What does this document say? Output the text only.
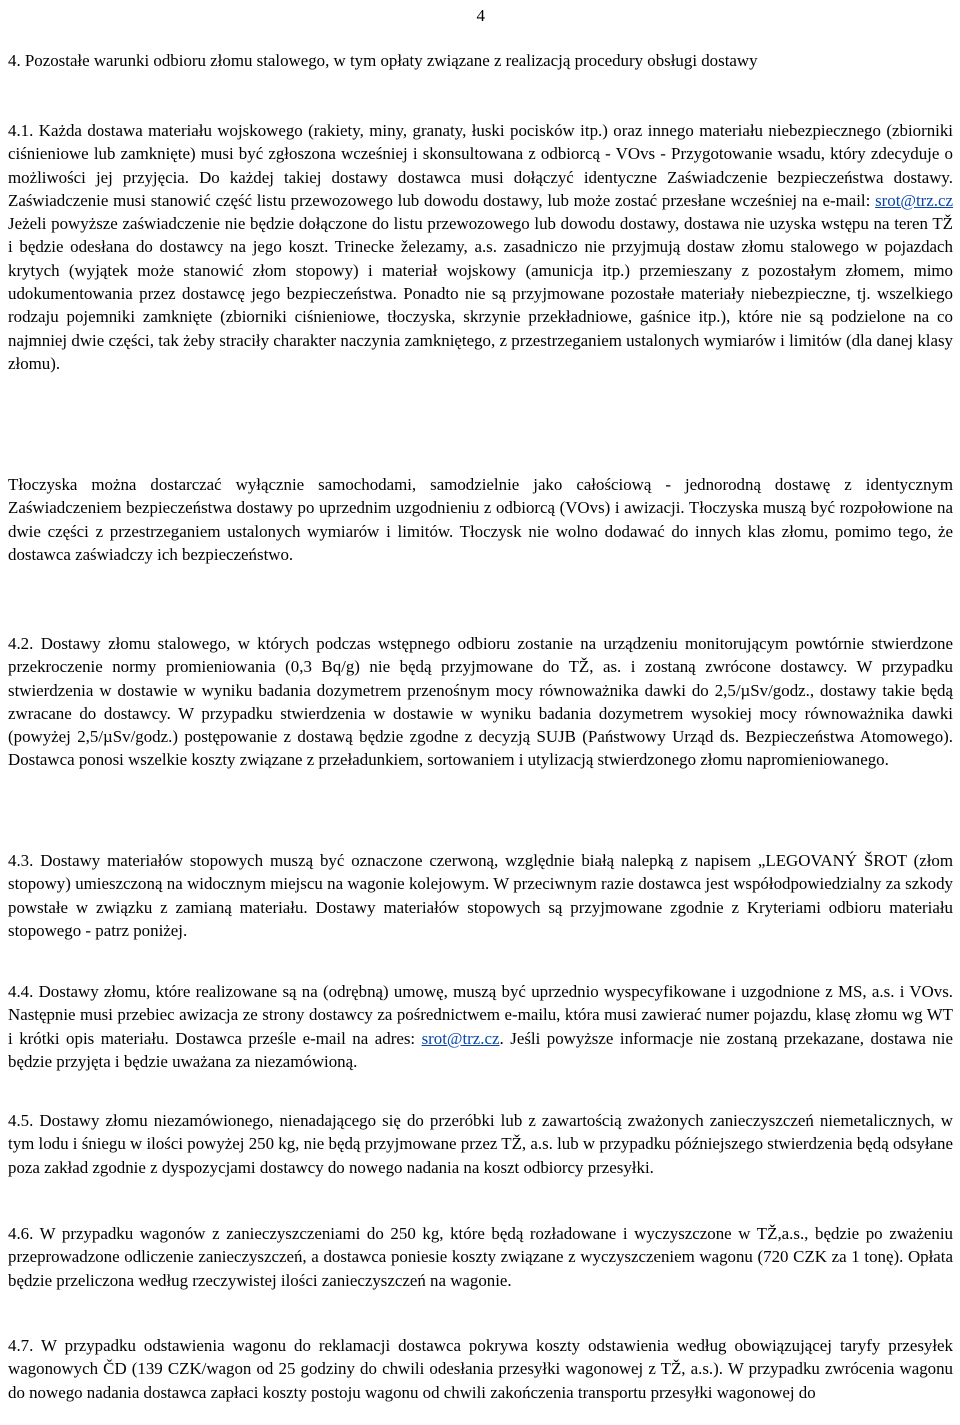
4

4. Pozostałe warunki odbioru złomu stalowego, w tym opłaty związane z realizacją procedury obsługi dostawy

4.1. Każda dostawa materiału wojskowego (rakiety, miny, granaty, łuski pocisków itp.) oraz innego materiału niebezpiecznego (zbiorniki ciśnieniowe lub zamknięte) musi być zgłoszona wcześniej i skonsultowana z odbiorcą - VOvs - Przygotowanie wsadu, który zdecyduje o możliwości jej przyjęcia. Do każdej takiej dostawy dostawca musi dołączyć identyczne Zaświadczenie bezpieczeństwa dostawy. Zaświadczenie musi stanowić część listu przewozowego lub dowodu dostawy, lub może zostać przesłane wcześniej na e-mail: srot@trz.cz Jeżeli powyższe zaświadczenie nie będzie dołączone do listu przewozowego lub dowodu dostawy, dostawa nie uzyska wstępu na teren TŽ i będzie odesłana do dostawcy na jego koszt. Trinecke železamy, a.s. zasadniczo nie przyjmują dostaw złomu stalowego w pojazdach krytych (wyjątek może stanowić złom stopowy) i materiał wojskowy (amunicja itp.) przemieszany z pozostałym złomem, mimo udokumentowania przez dostawcę jego bezpieczeństwa. Ponadto nie są przyjmowane pozostałe materiały niebezpieczne, tj. wszelkiego rodzaju pojemniki zamknięte (zbiorniki ciśnieniowe, tłoczyska, skrzynie przekładniowe, gaśnice itp.), które nie są podzielone na co najmniej dwie części, tak żeby straciły charakter naczynia zamkniętego, z przestrzeganiem ustalonych wymiarów i limitów (dla danej klasy złomu).

Tłoczyska można dostarczać wyłącznie samochodami, samodzielnie jako całościową - jednorodną dostawę z identycznym Zaświadczeniem bezpieczeństwa dostawy po uprzednim uzgodnieniu z odbiorcą (VOvs) i awizacji. Tłoczyska muszą być rozpołowione na dwie części z przestrzeganiem ustalonych wymiarów i limitów. Tłoczysk nie wolno dodawać do innych klas złomu, pomimo tego, że dostawca zaświadczy ich bezpieczeństwo.

4.2. Dostawy złomu stalowego, w których podczas wstępnego odbioru zostanie na urządzeniu monitorującym powtórnie stwierdzone przekroczenie normy promieniowania (0,3 Bq/g) nie będą przyjmowane do TŽ, as. i zostaną zwrócone dostawcy. W przypadku stwierdzenia w dostawie w wyniku badania dozymetrem przenośnym mocy równoważnika dawki do 2,5/µSv/godz., dostawy takie będą zwracane do dostawcy. W przypadku stwierdzenia w dostawie w wyniku badania dozymetrem wysokiej mocy równoważnika dawki (powyżej 2,5/µSv/godz.) postępowanie z dostawą będzie zgodne z decyzją SUJB (Państwowy Urząd ds. Bezpieczeństwa Atomowego). Dostawca ponosi wszelkie koszty związane z przeładunkiem, sortowaniem i utylizacją stwierdzonego złomu napromieniowanego.

4.3. Dostawy materiałów stopowych muszą być oznaczone czerwoną, względnie białą nalepką z napisem „LEGOVANÝ ŠROT (złom stopowy) umieszczoną na widocznym miejscu na wagonie kolejowym. W przeciwnym razie dostawca jest współodpowiedzialny za szkody powstałe w związku z zamianą materiału. Dostawy materiałów stopowych są przyjmowane zgodnie z Kryteriami odbioru materiału stopowego - patrz poniżej.

4.4. Dostawy złomu, które realizowane są na (odrębną) umowę, muszą być uprzednio wyspecyfikowane i uzgodnione z MS, a.s. i VOvs. Następnie musi przebiec awizacja ze strony dostawcy za pośrednictwem e-mailu, która musi zawierać numer pojazdu, klasę złomu wg WT i krótki opis materiału. Dostawca prześle e-mail na adres: srot@trz.cz. Jeśli powyższe informacje nie zostaną przekazane, dostawa nie będzie przyjęta i będzie uważana za niezamówioną.

4.5. Dostawy złomu niezamówionego, nienadającego się do przeróbki lub z zawartością zważonych zanieczyszczeń niemetalicznych, w tym lodu i śniegu w ilości powyżej 250 kg, nie będą przyjmowane przez TŽ, a.s. lub w przypadku późniejszego stwierdzenia będą odsyłane poza zakład zgodnie z dyspozycjami dostawcy do nowego nadania na koszt odbiorcy przesyłki.

4.6. W przypadku wagonów z zanieczyszczeniami do 250 kg, które będą rozładowane i wyczyszczone w TŽ,a.s., będzie po zważeniu przeprowadzone odliczenie zanieczyszczeń, a dostawca poniesie koszty związane z wyczyszczeniem wagonu (720 CZK za 1 tonę). Opłata będzie przeliczona według rzeczywistej ilości zanieczyszczeń na wagonie.

4.7. W przypadku odstawienia wagonu do reklamacji dostawca pokrywa koszty odstawienia według obowiązującej taryfy przesyłek wagonowych ČD (139 CZK/wagon od 25 godziny do chwili odesłania przesyłki wagonowej z TŽ, a.s.). W przypadku zwrócenia wagonu do nowego nadania dostawca zapłaci koszty postoju wagonu od chwili zakończenia transportu przesyłki wagonowej do
